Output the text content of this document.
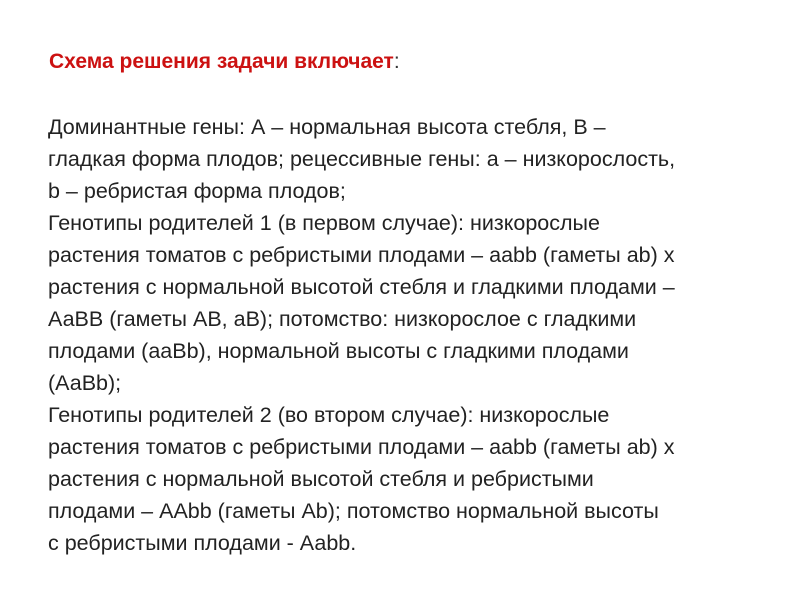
Схема решения задачи включает:
Доминантные гены: А – нормальная высота стебля, В –
гладкая форма плодов; рецессивные гены: а – низкорослость,
b – ребристая форма плодов;
Генотипы родителей 1 (в первом случае): низкорослые
растения томатов с ребристыми плодами – ааbb (гаметы аb) х
растения с нормальной высотой стебля и гладкими плодами –
АаВВ (гаметы АВ, аВ); потомство: низкорослое с гладкими
плодами (ааВb), нормальной высоты с гладкими плодами
(АаВb);
Генотипы родителей 2 (во втором случае): низкорослые
растения томатов с ребристыми плодами – ааbb (гаметы аb) х
растения с нормальной высотой стебля и ребристыми
плодами – ААbb (гаметы Аb); потомство нормальной высоты
с ребристыми плодами - Ааbb.
